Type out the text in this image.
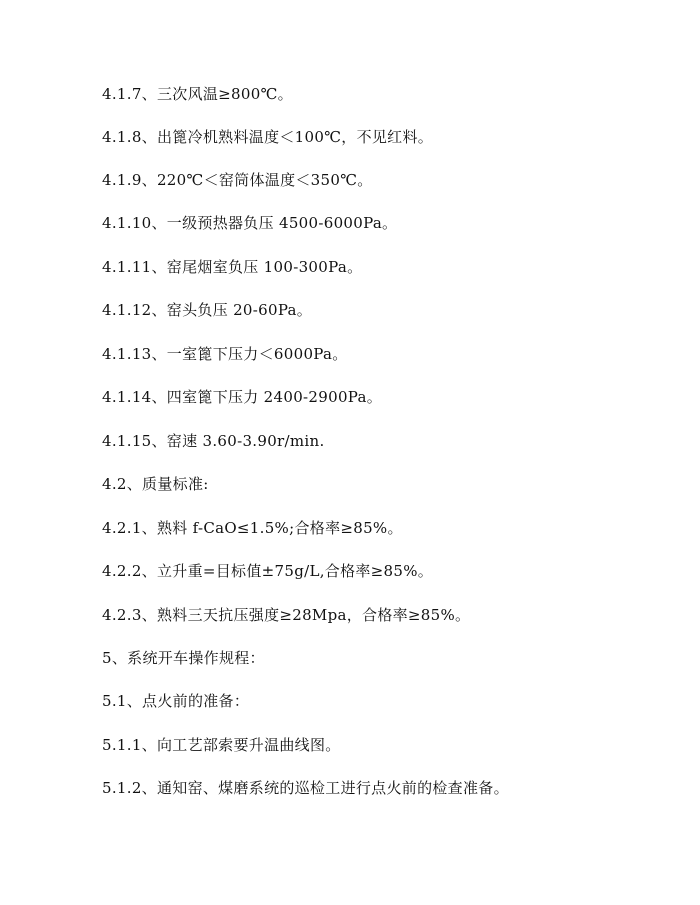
4.1.7、三次风温≥800℃。
4.1.8、出篦冷机熟料温度＜100℃，不见红料。
4.1.9、220℃＜窑筒体温度＜350℃。
4.1.10、一级预热器负压 4500-6000Pa。
4.1.11、窑尾烟室负压 100-300Pa。
4.1.12、窑头负压 20-60Pa。
4.1.13、一室篦下压力＜6000Pa。
4.1.14、四室篦下压力 2400-2900Pa。
4.1.15、窑速 3.60-3.90r/min.
4.2、质量标准:
4.2.1、熟料 f-CaO≤1.5%;合格率≥85%。
4.2.2、立升重=目标值±75g/L,合格率≥85%。
4.2.3、熟料三天抗压强度≥28Mpa，合格率≥85%。
5、系统开车操作规程：
5.1、点火前的准备：
5.1.1、向工艺部索要升温曲线图。
5.1.2、通知窑、煤磨系统的巡检工进行点火前的检查准备。
